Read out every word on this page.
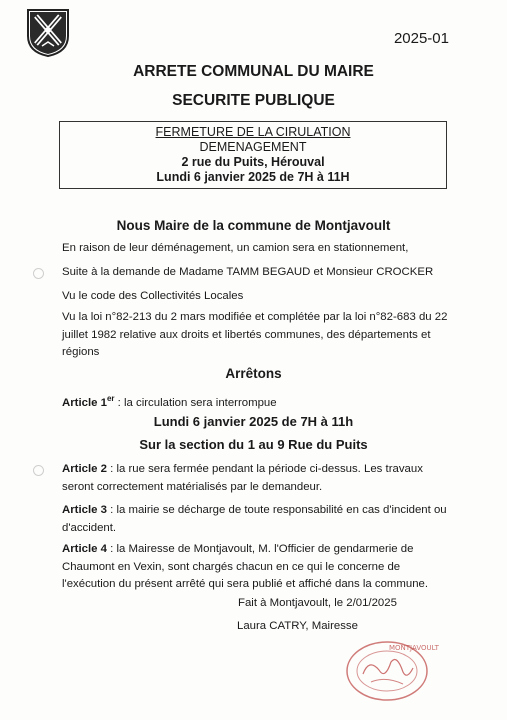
2025-01
ARRETE COMMUNAL DU MAIRE
SECURITE PUBLIQUE
FERMETURE DE LA CIRULATION
DEMENAGEMENT
2 rue du Puits, Hérouval
Lundi 6 janvier 2025 de 7H à 11H
Nous Maire de la commune de Montjavoult
En raison de leur déménagement, un camion sera en stationnement,
Suite à la demande de Madame TAMM BEGAUD et Monsieur CROCKER
Vu le code des Collectivités Locales
Vu la loi n°82-213 du 2 mars modifiée et complétée par la loi n°82-683 du 22 juillet 1982 relative aux droits et libertés communes, des départements et régions
Arrêtons
Article 1er : la circulation sera interrompue
Lundi 6 janvier 2025 de 7H à 11h
Sur la section du 1 au 9 Rue du Puits
Article 2 : la rue sera fermée pendant la période ci-dessus. Les travaux seront correctement matérialisés par le demandeur.
Article 3 : la mairie se décharge de toute responsabilité en cas d'incident ou d'accident.
Article 4 : la Mairesse de Montjavoult, M. l'Officier de gendarmerie de Chaumont en Vexin, sont chargés chacun en ce qui le concerne de l'exécution du présent arrêté qui sera publié et affiché dans la commune.
Fait à Montjavoult, le 2/01/2025
Laura CATRY, Mairesse
MONTJAVOULT
